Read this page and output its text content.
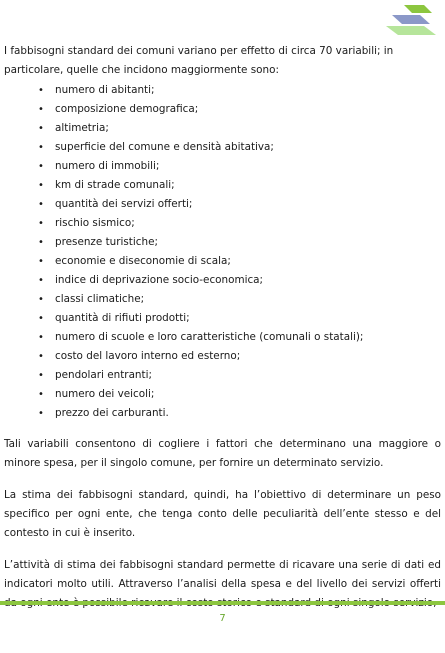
I fabbisogni standard dei comuni variano per effetto di circa 70 variabili; in particolare, quelle che incidono maggiormente sono:

• numero di abitanti;
• composizione demografica;
• altimetria;
• superficie del comune e densità abitativa;
• numero di immobili;
• km di strade comunali;
• quantità dei servizi offerti;
• rischio sismico;
• presenze turistiche;
• economie e diseconomie di scala;
• indice di deprivazione socio-economica;
• classi climatiche;
• quantità di rifiuti prodotti;
• numero di scuole e loro caratteristiche (comunali o statali);
• costo del lavoro interno ed esterno;
• pendolari entranti;
• numero dei veicoli;
• prezzo dei carburanti.

Tali variabili consentono di cogliere i fattori che determinano una maggiore o minore spesa, per il singolo comune, per fornire un determinato servizio.

La stima dei fabbisogni standard, quindi, ha l’obiettivo di determinare un peso specifico per ogni ente, che tenga conto delle peculiarità dell’ente stesso e del contesto in cui è inserito.

L’attività di stima dei fabbisogni standard permette di ricavare una serie di dati ed indicatori molto utili. Attraverso l’analisi della spesa e del livello dei servizi offerti

7
